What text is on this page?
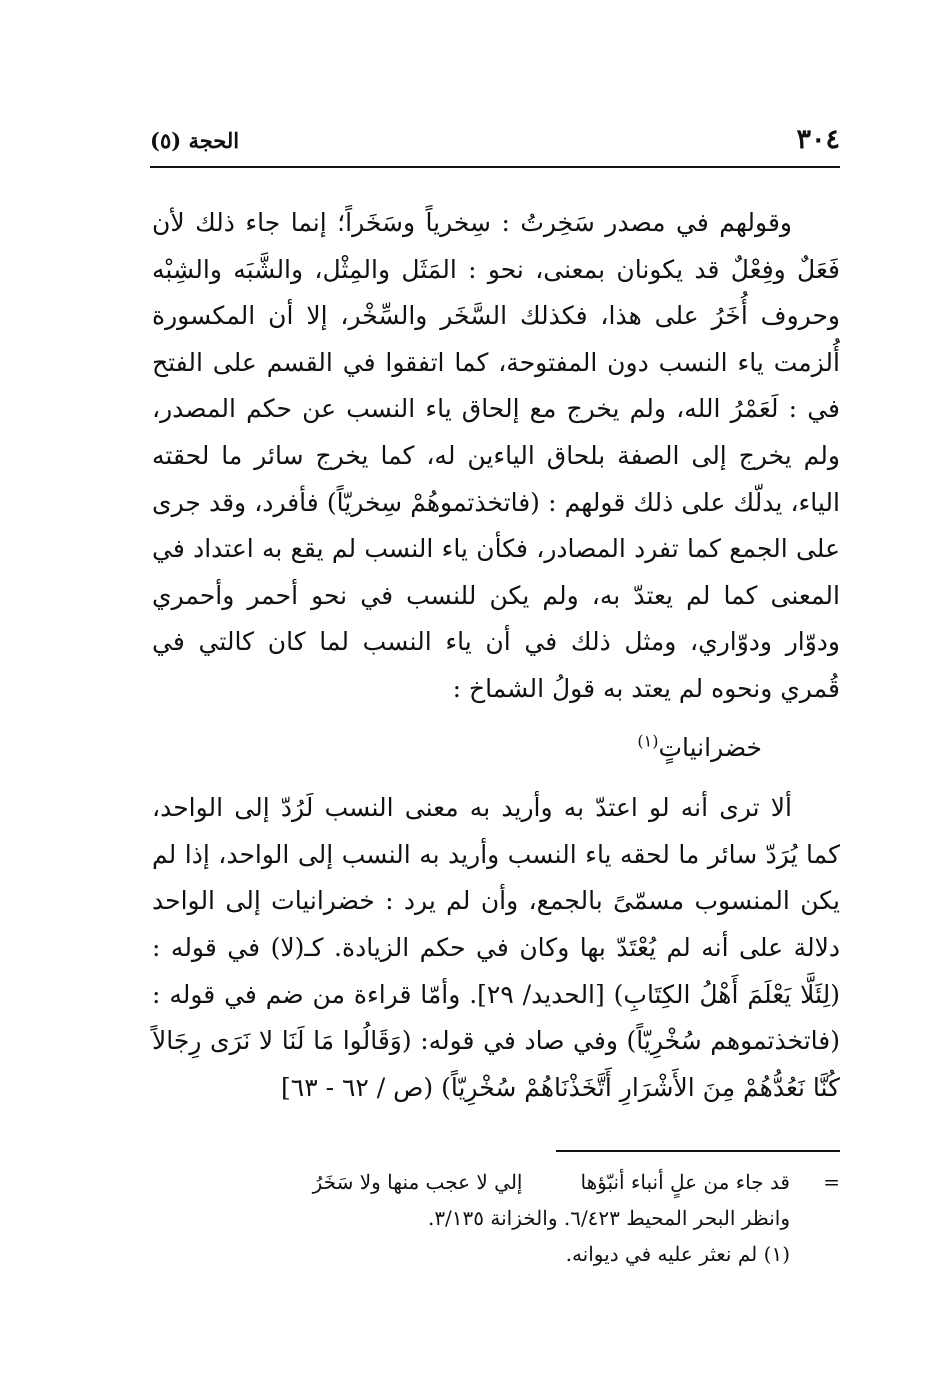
٣٠٤
الحجة (٥)

وقولهم في مصدر سَخِرتُ : سِخرياً وسَخَراً؛ إنما جاء ذلك لأن فَعَلٌ وفِعْلٌ قد يكونان بمعنى، نحو : المَثَل والمِثْل، والشَّبَه والشِبْه وحروف أُخَرُ على هذا، فكذلك السَّخَر والسِّخْر، إلا أن المكسورة أُلزمت ياء النسب دون المفتوحة، كما اتفقوا في القسم على الفتح في : لَعَمْرُ الله، ولم يخرج مع إلحاق ياء النسب عن حكم المصدر، ولم يخرج إلى الصفة بلحاق الياءين له، كما يخرج سائر ما لحقته الياء، يدلّك على ذلك قولهم : (فاتخذتموهُمْ سِخريّاً) فأفرد، وقد جرى على الجمع كما تفرد المصادر، فكأن ياء النسب لم يقع به اعتداد في المعنى كما لم يعتدّ به، ولم يكن للنسب في نحو أحمر وأحمري ودوّار ودوّاري، ومثل ذلك في أن ياء النسب لما كان كالتي في قُمري ونحوه لم يعتد به قولُ الشماخ :

خضرانياتٍ$^{(١)}$

ألا ترى أنه لو اعتدّ به وأريد به معنى النسب لَرُدّ إلى الواحد، كما يُرَدّ سائر ما لحقه ياء النسب وأريد به النسب إلى الواحد، إذا لم يكن المنسوب مسمّىً بالجمع، وأن لم يرد : خضرانيات إلى الواحد دلالة على أنه لم يُعْتَدّ بها وكان في حكم الزيادة. كـ(لا) في قوله : (لِئَلَّا يَعْلَمَ أَهْلُ الكِتَابِ) [الحديد/ ٢٩]. وأمّا قراءة من ضم في قوله : (فاتخذتموهم سُخْرِيّاً) وفي صاد في قوله: (وَقَالُوا مَا لَنَا لا نَرَى رِجَالاً كُنَّا نَعُدُّهُمْ مِنَ الأَشْرَارِ أَتَّخَذْنَاهُمْ سُخْرِيّاً) (ص / ٦٢ - ٦٣]

=
قد جاء من علٍ أنباء أنبّؤهاإلي لا عجب منها ولا سَخَرُ
وانظر البحر المحيط ٦/٤٢٣. والخزانة ٣/١٣٥.
(١) لم نعثر عليه في ديوانه.
